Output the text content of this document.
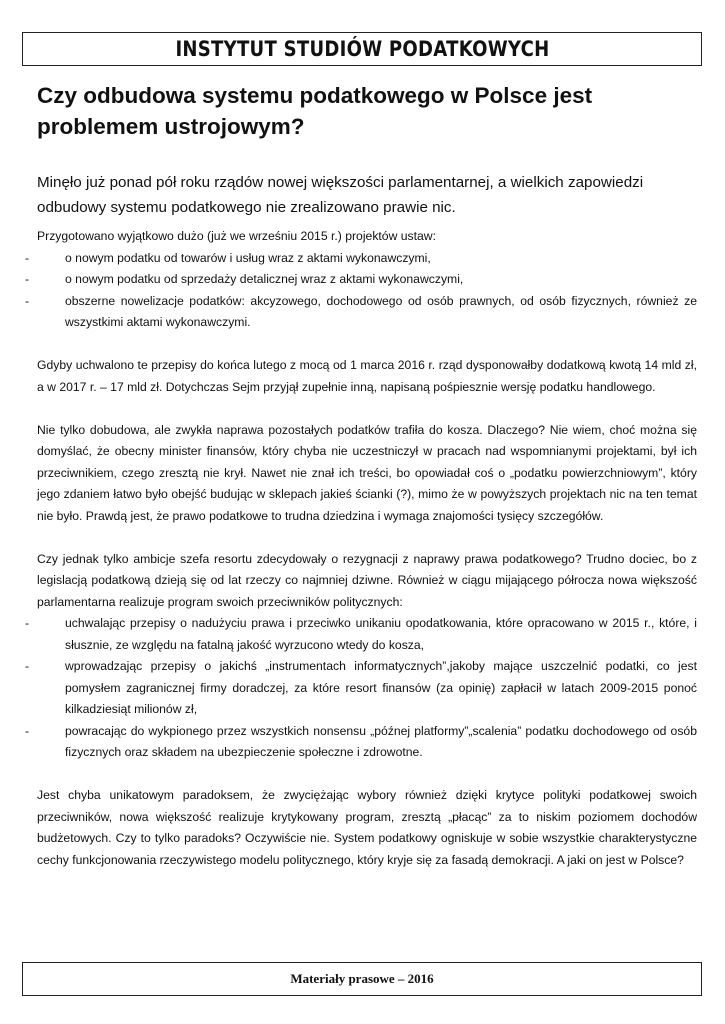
INSTYTUT STUDIÓW PODATKOWYCH
Czy odbudowa systemu podatkowego w Polsce jest problemem ustrojowym?

Minęło już ponad pół roku rządów nowej większości parlamentarnej, a wielkich zapowiedzi odbudowy systemu podatkowego nie zrealizowano prawie nic.

Przygotowano wyjątkowo dużo (już we wrześniu 2015 r.) projektów ustaw:

-	o nowym podatku od towarów i usług wraz z aktami wykonawczymi,
-	o nowym podatku od sprzedaży detalicznej wraz z aktami wykonawczymi,
-	obszerne nowelizacje podatków: akcyzowego, dochodowego od osób prawnych, od osób fizycznych, również ze wszystkimi aktami wykonawczymi.

Gdyby uchwalono te przepisy do końca lutego z mocą od 1 marca 2016 r. rząd dysponowałby dodatkową kwotą 14 mld zł, a w 2017 r. – 17 mld zł. Dotychczas Sejm przyjął zupełnie inną, napisaną pośpiesznie wersję podatku handlowego.

Nie tylko dobudowa, ale zwykła naprawa pozostałych podatków trafiła do kosza. Dlaczego? Nie wiem, choć można się domyślać, że obecny minister finansów, który chyba nie uczestniczył w pracach nad wspomnianymi projektami, był ich przeciwnikiem, czego zresztą nie krył. Nawet nie znał ich treści, bo opowiadał coś o „podatku powierzchniowym”, który jego zdaniem łatwo było obejść budując w sklepach jakieś ścianki (?), mimo że w powyższych projektach nic na ten temat nie było. Prawdą jest, że prawo podatkowe to trudna dziedzina i wymaga znajomości tysięcy szczegółów.

Czy jednak tylko ambicje szefa resortu zdecydowały o rezygnacji z naprawy prawa podatkowego? Trudno dociec, bo z legislacją podatkową dzieją się od lat rzeczy co najmniej dziwne. Również w ciągu mijającego półrocza nowa większość parlamentarna realizuje program swoich przeciwników politycznych:

-	uchwalając przepisy o nadużyciu prawa i przeciwko unikaniu opodatkowania, które opracowano w 2015 r., które, i słusznie, ze względu na fatalną jakość wyrzucono wtedy do kosza,
-	wprowadzając przepisy o jakichś „instrumentach informatycznych”,jakoby mające uszczelnić podatki, co jest pomysłem zagranicznej firmy doradczej, za które resort finansów (za opinię) zapłacił w latach 2009-2015 ponoć kilkadziesiąt milionów zł,
-	powracając do wykpionego przez wszystkich nonsensu „późnej platformy”„scalenia” podatku dochodowego od osób fizycznych oraz składem na ubezpieczenie społeczne i zdrowotne.

Jest chyba unikatowym paradoksem, że zwyciężając wybory również dzięki krytyce polityki podatkowej swoich przeciwników, nowa większość realizuje krytykowany program, zresztą „płacąc” za to niskim poziomem dochodów budżetowych. Czy to tylko paradoks? Oczywiście nie. System podatkowy ogniskuje w sobie wszystkie charakterystyczne cechy funkcjonowania rzeczywistego modelu politycznego, który kryje się za fasadą demokracji. A jaki on jest w Polsce?

Materiały prasowe – 2016
